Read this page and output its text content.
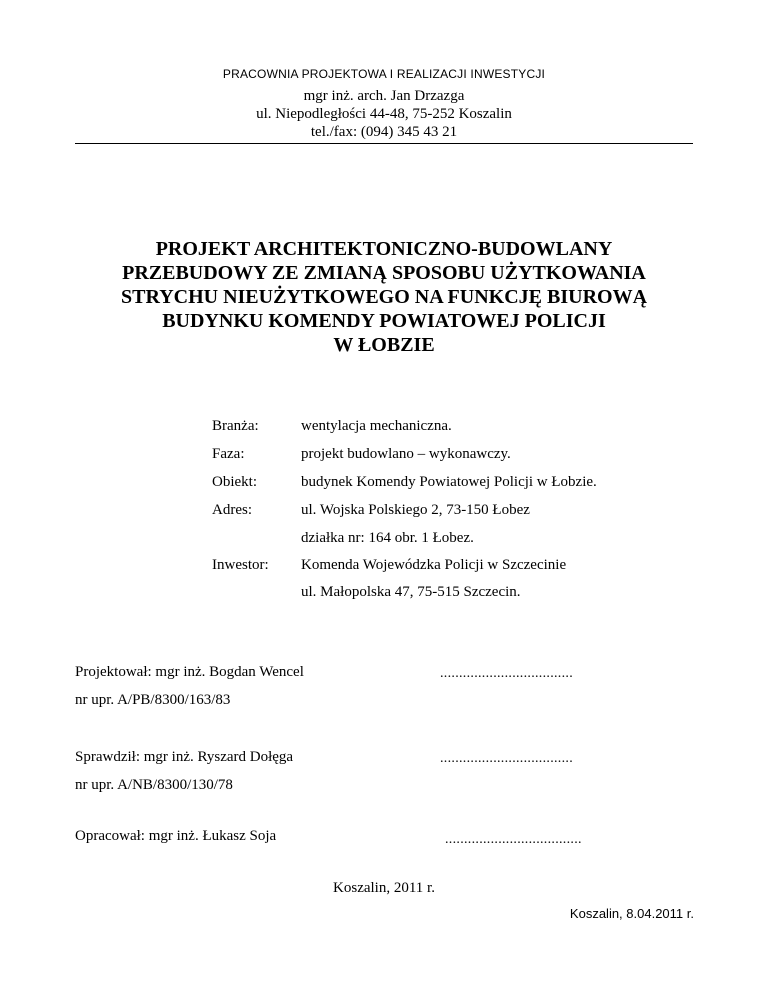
PRACOWNIA PROJEKTOWA I REALIZACJI INWESTYCJI
mgr inż. arch. Jan Drzazga
ul. Niepodległości 44-48, 75-252 Koszalin
tel./fax: (094) 345 43 21
PROJEKT ARCHITEKTONICZNO-BUDOWLANY
PRZEBUDOWY ZE ZMIANĄ SPOSOBU UŻYTKOWANIA
STRYCHU NIEUŻYTKOWEGO NA FUNKCJĘ BIUROWĄ
BUDYNKU KOMENDY POWIATOWEJ POLICJI
W ŁOBZIE
Branża:	wentylacja mechaniczna.
Faza:	projekt budowlano – wykonawczy.
Obiekt:	budynek Komendy Powiatowej Policji w Łobzie.
Adres:	ul. Wojska Polskiego 2, 73-150 Łobez
działka nr: 164 obr. 1 Łobez.
Inwestor: Komenda Wojewódzka Policji w Szczecinie
ul. Małopolska 47, 75-515 Szczecin.
Projektował: mgr inż. Bogdan Wencel	...................................
nr upr. A/PB/8300/163/83
Sprawdził: mgr inż. Ryszard Dołęga	...................................
nr upr. A/NB/8300/130/78
Opracował: mgr inż. Łukasz Soja	....................................
Koszalin, 2011 r.
Koszalin, 8.04.2011 r.
